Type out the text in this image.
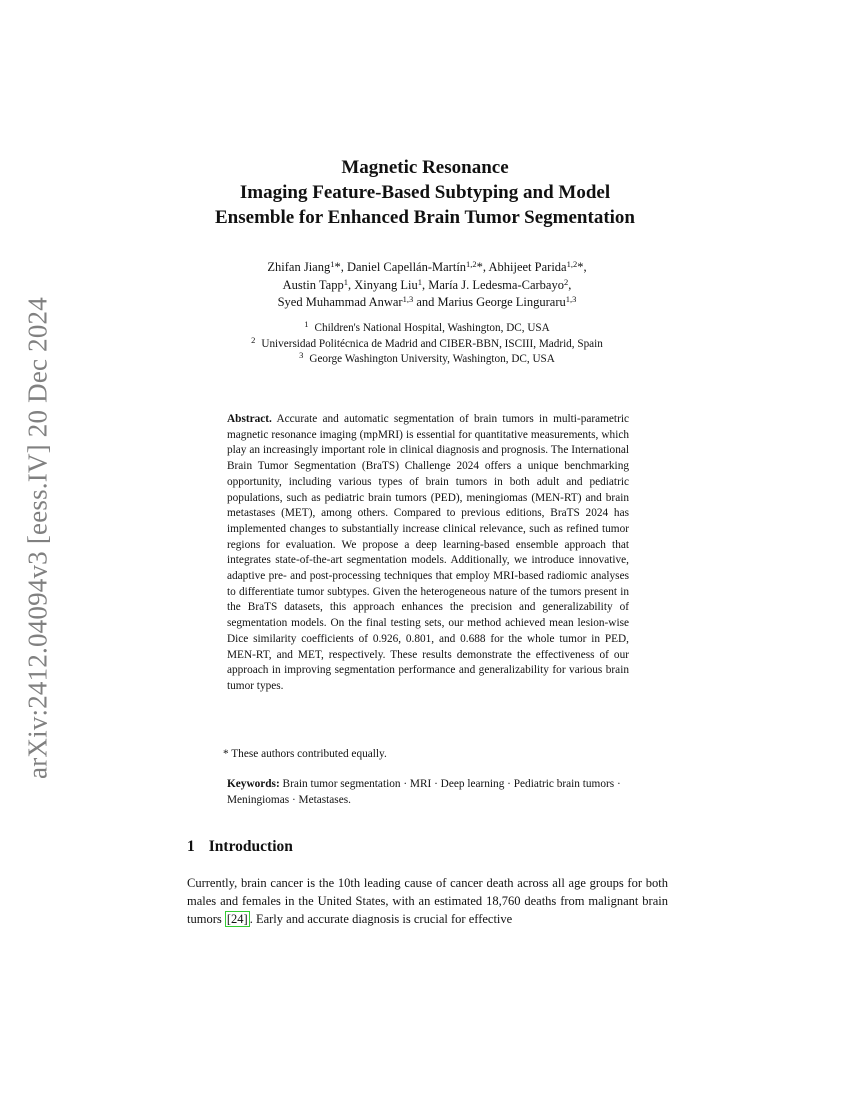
arXiv:2412.04094v3 [eess.IV] 20 Dec 2024
Magnetic Resonance
Imaging Feature-Based Subtyping and Model
Ensemble for Enhanced Brain Tumor Segmentation
Zhifan Jiang$^1$*, Daniel Capellán-Martín$^{1,2}$*, Abhijeet Parida$^{1,2}$*,
Austin Tapp$^1$, Xinyang Liu$^1$, María J. Ledesma-Carbayo$^2$,
Syed Muhammad Anwar$^{1,3}$ and Marius George Linguraru$^{1,3}$
$^1$ Children's National Hospital, Washington, DC, USA
$^2$ Universidad Politécnica de Madrid and CIBER-BBN, ISCIII, Madrid, Spain
$^3$ George Washington University, Washington, DC, USA
Abstract. Accurate and automatic segmentation of brain tumors in multi-parametric magnetic resonance imaging (mpMRI) is essential for quantitative measurements, which play an increasingly important role in clinical diagnosis and prognosis. The International Brain Tumor Segmentation (BraTS) Challenge 2024 offers a unique benchmarking opportunity, including various types of brain tumors in both adult and pediatric populations, such as pediatric brain tumors (PED), meningiomas (MEN-RT) and brain metastases (MET), among others. Compared to previous editions, BraTS 2024 has implemented changes to substantially increase clinical relevance, such as refined tumor regions for evaluation. We propose a deep learning-based ensemble approach that integrates state-of-the-art segmentation models. Additionally, we introduce innovative, adaptive pre- and post-processing techniques that employ MRI-based radiomic analyses to differentiate tumor subtypes. Given the heterogeneous nature of the tumors present in the BraTS datasets, this approach enhances the precision and generalizability of segmentation models. On the final testing sets, our method achieved mean lesion-wise Dice similarity coefficients of 0.926, 0.801, and 0.688 for the whole tumor in PED, MEN-RT, and MET, respectively. These results demonstrate the effectiveness of our approach in improving segmentation performance and generalizability for various brain tumor types.
* These authors contributed equally.
Keywords: Brain tumor segmentation · MRI · Deep learning · Pediatric brain tumors · Meningiomas · Metastases.
1 Introduction
Currently, brain cancer is the 10th leading cause of cancer death across all age groups for both males and females in the United States, with an estimated 18,760 deaths from malignant brain tumors [24] . Early and accurate diagnosis is crucial for effective
